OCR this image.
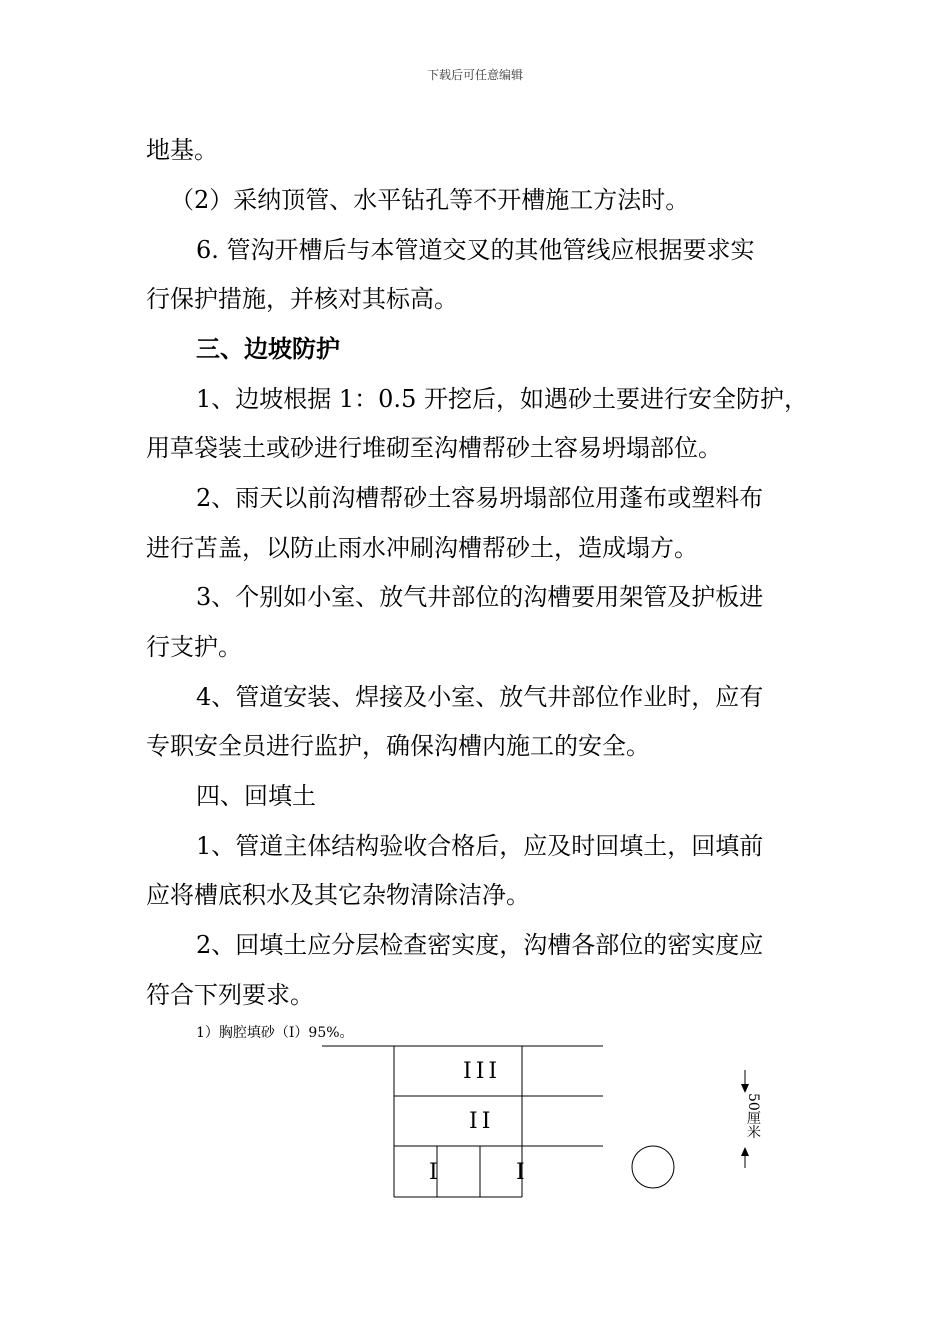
下载后可任意编辑
地基。
（2）采纳顶管、水平钻孔等不开槽施工方法时。
6. 管沟开槽后与本管道交叉的其他管线应根据要求实
行保护措施，并核对其标高。
三、边坡防护
1、边坡根据 1：0.5 开挖后，如遇砂土要进行安全防护，
用草袋装土或砂进行堆砌至沟槽帮砂土容易坍塌部位。
2、雨天以前沟槽帮砂土容易坍塌部位用蓬布或塑料布
进行苫盖，以防止雨水冲刷沟槽帮砂土，造成塌方。
3、个别如小室、放气井部位的沟槽要用架管及护板进
行支护。
4、管道安装、焊接及小室、放气井部位作业时，应有
专职安全员进行监护，确保沟槽内施工的安全。
四、回填土
1、管道主体结构验收合格后，应及时回填土，回填前
应将槽底积水及其它杂物清除洁净。
2、回填土应分层检查密实度，沟槽各部位的密实度应
符合下列要求。
1）胸腔填砂（I）95%。
III
II
I	I
50厘米
